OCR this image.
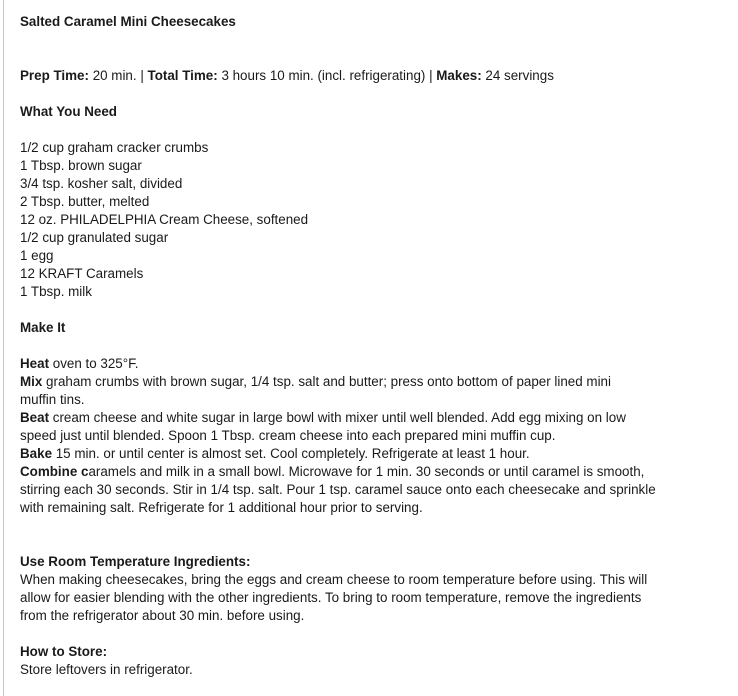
Salted Caramel Mini Cheesecakes

Prep Time: 20 min. | Total Time: 3 hours 10 min. (incl. refrigerating) | Makes: 24 servings

What You Need

1/2 cup graham cracker crumbs

1 Tbsp. brown sugar

3/4 tsp. kosher salt, divided

2 Tbsp. butter, melted

12 oz. PHILADELPHIA Cream Cheese, softened

1/2 cup granulated sugar

1 egg

12 KRAFT Caramels

1 Tbsp. milk

Make It

Heat oven to 325°F.

Mix graham crumbs with brown sugar, 1/4 tsp. salt and butter; press onto bottom of paper lined mini muffin tins.

Beat cream cheese and white sugar in large bowl with mixer until well blended. Add egg mixing on low speed just until blended. Spoon 1 Tbsp. cream cheese into each prepared mini muffin cup.

Bake 15 min. or until center is almost set. Cool completely. Refrigerate at least 1 hour.

Combine caramels and milk in a small bowl. Microwave for 1 min. 30 seconds or until caramel is smooth, stirring each 30 seconds. Stir in 1/4 tsp. salt. Pour 1 tsp. caramel sauce onto each cheesecake and sprinkle with remaining salt. Refrigerate for 1 additional hour prior to serving.

Use Room Temperature Ingredients:

When making cheesecakes, bring the eggs and cream cheese to room temperature before using. This will allow for easier blending with the other ingredients. To bring to room temperature, remove the ingredients from the refrigerator about 30 min. before using.

How to Store:

Store leftovers in refrigerator.
